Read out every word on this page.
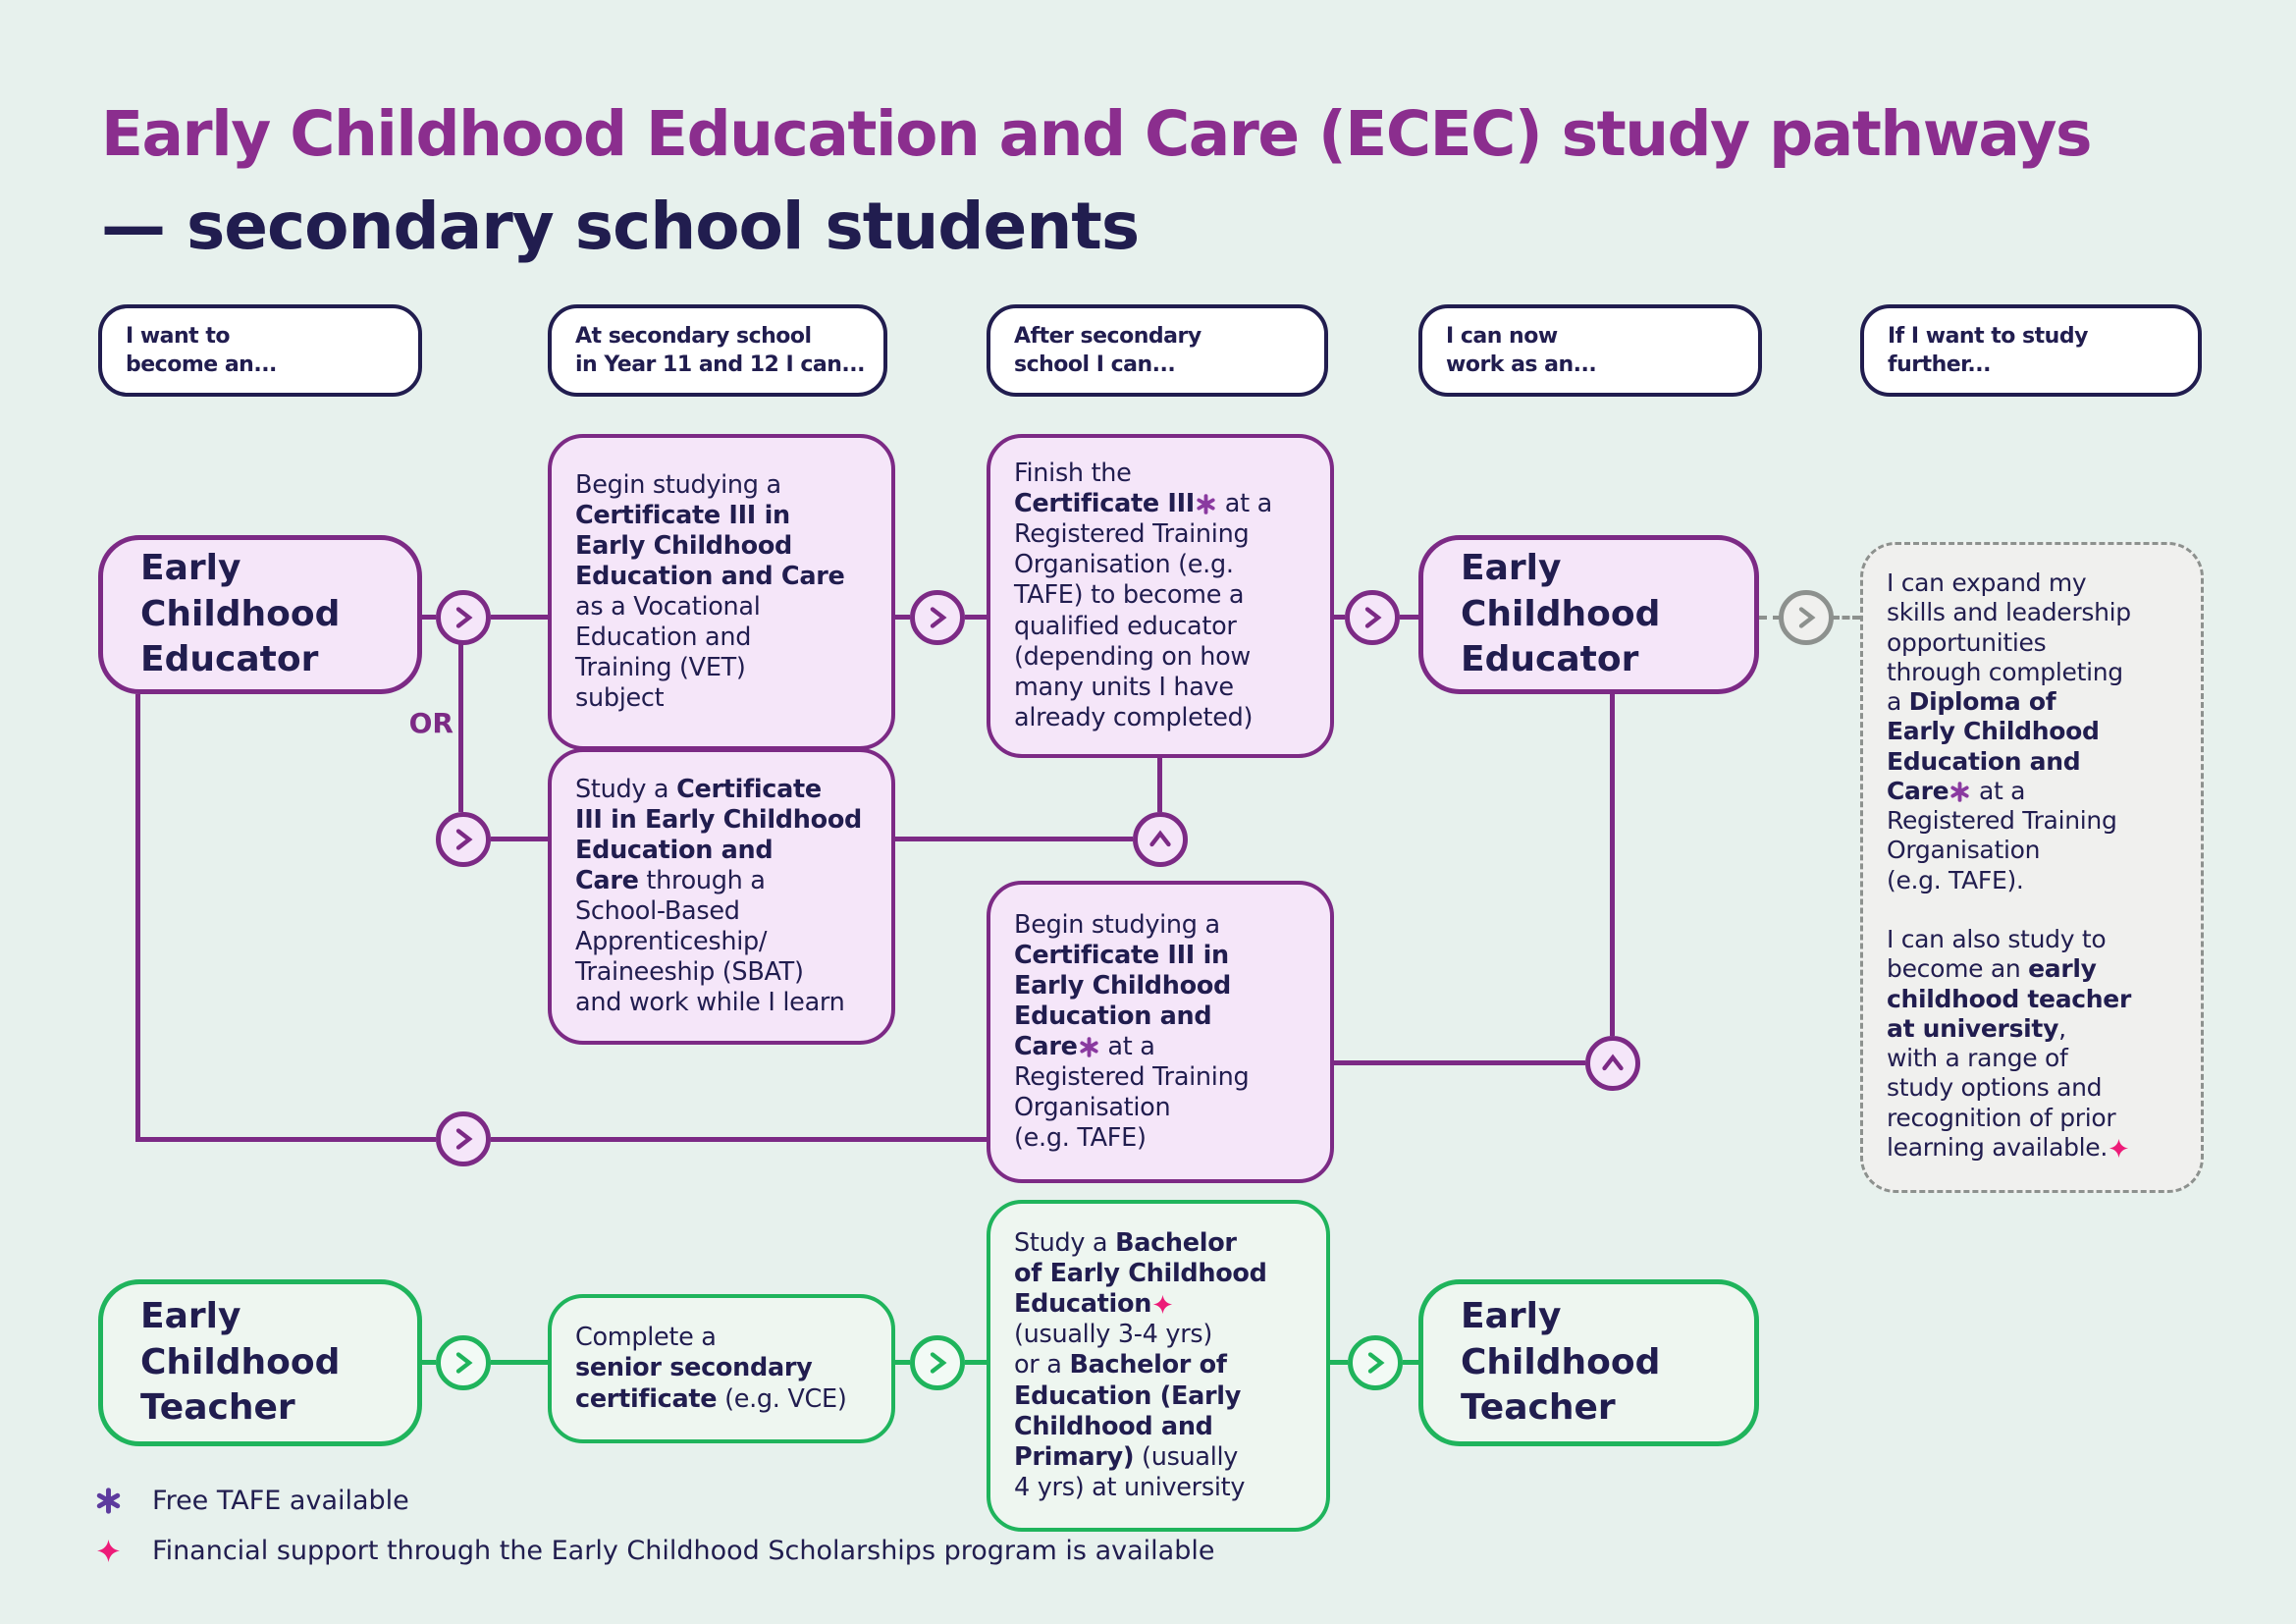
Early Childhood Education and Care (ECEC) study pathways
— secondary school students
I want to
become an...
At secondary school
in Year 11 and 12 I can...
After secondary
school I can...
I can now
work as an...
If I want to study
further...
OR
Early
Childhood
Educator
Begin studying a
Certificate III in
Early Childhood
Education and Care
as a Vocational
Education and
Training (VET)
subject
Finish the
Certificate III at a
Registered Training
Organisation (e.g.
TAFE) to become a
qualified educator
(depending on how
many units I have
already completed)
Study a Certificate
III in Early Childhood
Education and
Care through a
School-Based
Apprenticeship/
Traineeship (SBAT)
and work while I learn
Begin studying a
Certificate III in
Early Childhood
Education and
Care at a
Registered Training
Organisation
(e.g. TAFE)
Early
Childhood
Educator
I can expand my
skills and leadership
opportunities
through completing
a Diploma of
Early Childhood
Education and
Care at a
Registered Training
Organisation
(e.g. TAFE).

I can also study to
become an early
childhood teacher
at university,
with a range of
study options and
recognition of prior
learning available.
Early
Childhood
Teacher
Complete a
senior secondary
certificate (e.g. VCE)
Study a Bachelor
of Early Childhood
Education
(usually 3-4 yrs)
or a Bachelor of
Education (Early
Childhood and
Primary) (usually
4 yrs) at university
Early
Childhood
Teacher
Free TAFE available
Financial support through the Early Childhood Scholarships program is available
